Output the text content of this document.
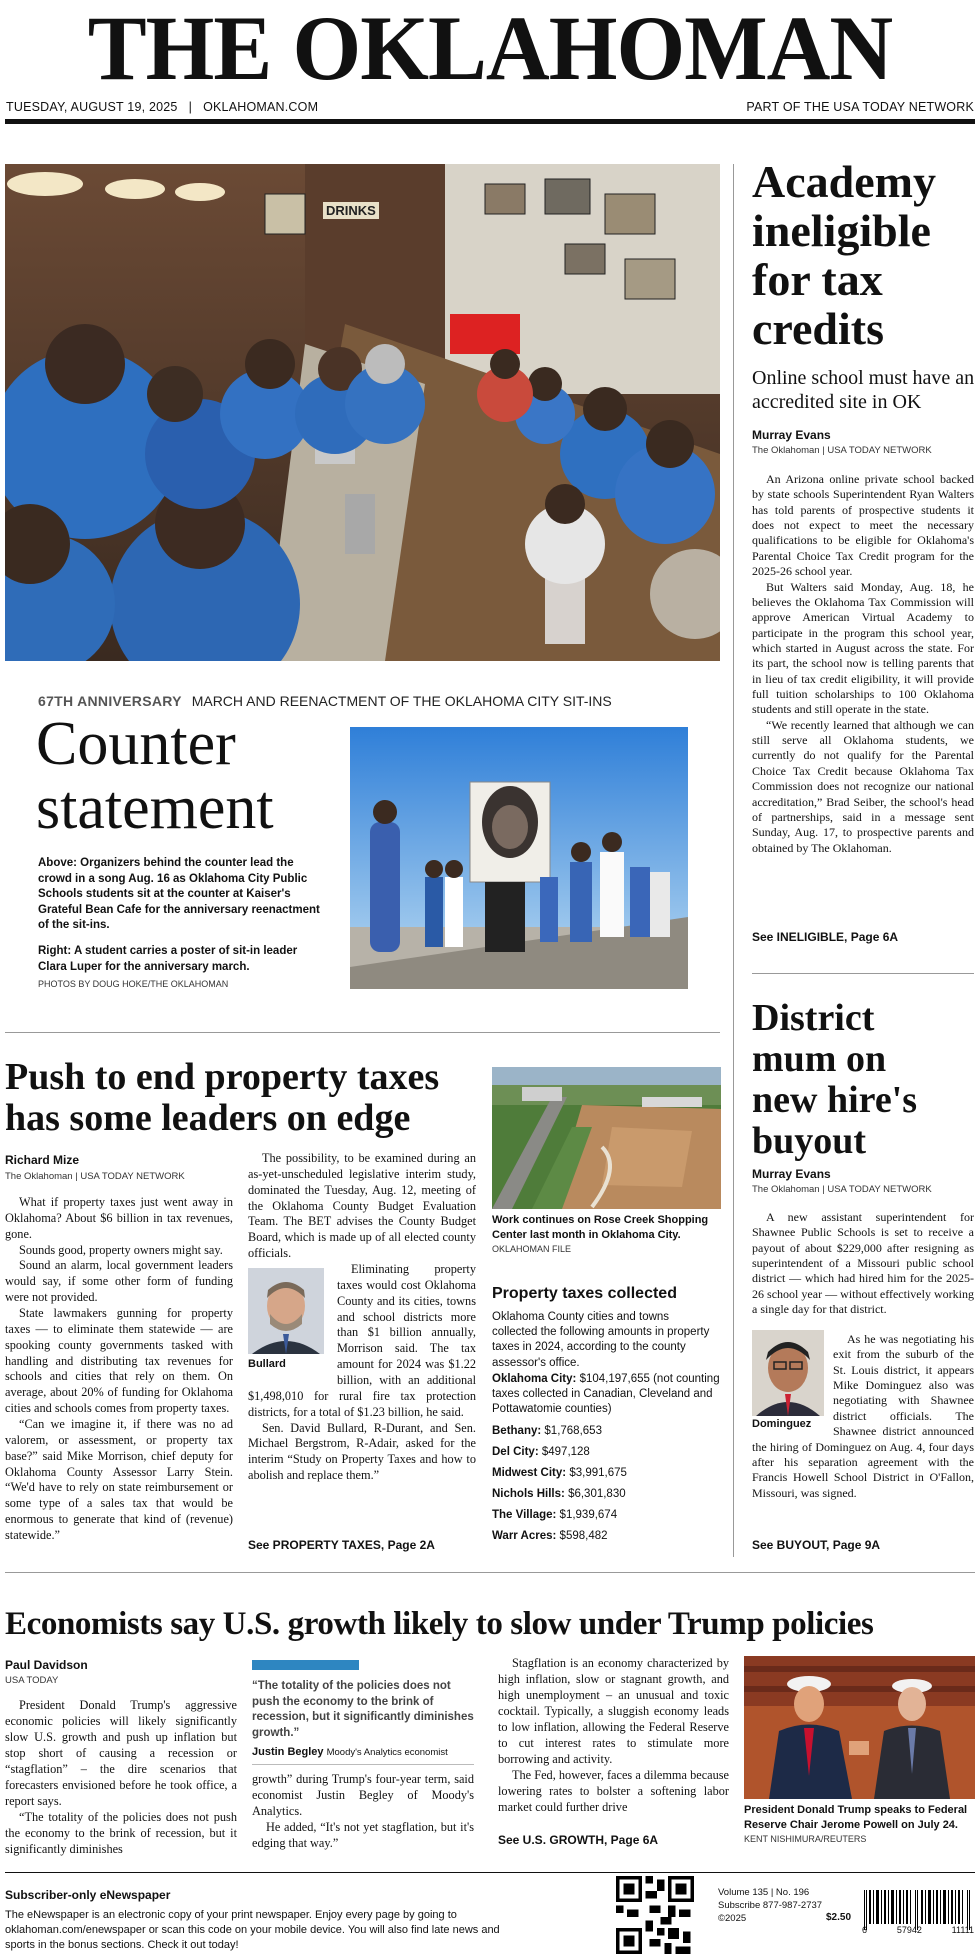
THE OKLAHOMAN
TUESDAY, AUGUST 19, 2025   |   OKLAHOMAN.COM	PART OF THE USA TODAY NETWORK
DRINKS
67TH ANNIVERSARY MARCH AND REENACTMENT OF THE OKLAHOMA CITY SIT-INS
Counter statement
Above: Organizers behind the counter lead the crowd in a song Aug. 16 as Oklahoma City Public Schools students sit at the counter at Kaiser's Grateful Bean Cafe for the anniversary reenactment of the sit-ins.
Right: A student carries a poster of sit-in leader Clara Luper for the anniversary march.
PHOTOS BY DOUG HOKE/THE OKLAHOMAN
Academy ineligible for tax credits
Online school must have an accredited site in OK
Murray Evans
The Oklahoman | USA TODAY NETWORK

An Arizona online private school backed by state schools Superintendent Ryan Walters has told parents of prospective students it does not expect to meet the necessary qualifications to be eligible for Oklahoma's Parental Choice Tax Credit program for the 2025-26 school year.

But Walters said Monday, Aug. 18, he believes the Oklahoma Tax Commission will approve American Virtual Academy to participate in the program this school year, which started in August across the state. For its part, the school now is telling parents that in lieu of tax credit eligibility, it will provide full tuition scholarships to 100 Oklahoma students and still operate in the state.

“We recently learned that although we can still serve all Oklahoma students, we currently do not qualify for the Parental Choice Tax Credit because Oklahoma Tax Commission does not recognize our national accreditation,” Brad Seiber, the school's head of partnerships, said in a message sent Sunday, Aug. 17, to prospective parents and obtained by The Oklahoman.

See INELIGIBLE, Page 6A
District mum on new hire's buyout
Murray Evans
The Oklahoman | USA TODAY NETWORK

A new assistant superintendent for Shawnee Public Schools is set to receive a payout of about $229,000 after resigning as superintendent of a Missouri public school district — which had hired him for the 2025-26 school year — without effectively working a single day for that district.

Dominguez

As he was negotiating his exit from the suburb of the St. Louis district, it appears Mike Dominguez also was negotiating with Shawnee district officials. The Shawnee district announced the hiring of Dominguez on Aug. 4, four days after his separation agreement with the Francis Howell School District in O'Fallon, Missouri, was signed.

See BUYOUT, Page 9A
Push to end property taxes has some leaders on edge
Richard Mize
The Oklahoman | USA TODAY NETWORK

What if property taxes just went away in Oklahoma? About $6 billion in tax revenues, gone.

Sounds good, property owners might say.

Sound an alarm, local government leaders would say, if some other form of funding were not provided.

State lawmakers gunning for property taxes — to eliminate them statewide — are spooking county governments tasked with handling and distributing tax revenues for schools and cities that rely on them. On average, about 20% of funding for Oklahoma cities and schools comes from property taxes.

“Can we imagine it, if there was no ad valorem, or assessment, or property tax base?” said Mike Morrison, chief deputy for Oklahoma County Assessor Larry Stein. “We'd have to rely on state reimbursement or some type of a sales tax that would be enormous to generate that kind of (revenue) statewide.”

The possibility, to be examined during an as-yet-unscheduled legislative interim study, dominated the Tuesday, Aug. 12, meeting of the Oklahoma County Budget Evaluation Team. The BET advises the County Budget Board, which is made up of all elected county officials.

Bullard

Eliminating property taxes would cost Oklahoma County and its cities, towns and school districts more than $1 billion annually, Morrison said. The tax amount for 2024 was $1.22 billion, with an additional $1,498,010 for rural fire tax protection districts, for a total of $1.23 billion, he said.

Sen. David Bullard, R-Durant, and Sen. Michael Bergstrom, R-Adair, asked for the interim “Study on Property Taxes and how to abolish and replace them.”

See PROPERTY TAXES, Page 2A
Work continues on Rose Creek Shopping Center last month in Oklahoma City. OKLAHOMAN FILE
Property taxes collected
Oklahoma County cities and towns collected the following amounts in property taxes in 2024, according to the county assessor's office.
Oklahoma City: $104,197,655 (not counting taxes collected in Canadian, Cleveland and Pottawatomie counties)
Bethany: $1,768,653
Del City: $497,128
Midwest City: $3,991,675
Nichols Hills: $6,301,830
The Village: $1,939,674
Warr Acres: $598,482
Economists say U.S. growth likely to slow under Trump policies
Paul Davidson
USA TODAY

President Donald Trump's aggressive economic policies will likely significantly slow U.S. growth and push up inflation but stop short of causing a recession or “stagflation” – the dire scenarios that forecasters envisioned before he took office, a report says.

“The totality of the policies does not push the economy to the brink of recession, but it significantly diminishes

“The totality of the policies does not push the economy to the brink of recession, but it significantly diminishes growth.”
Justin Begley Moody's Analytics economist

growth” during Trump's four-year term, said economist Justin Begley of Moody's Analytics.

He added, “It's not yet stagflation, but it's edging that way.”

Stagflation is an economy characterized by high inflation, slow or stagnant growth, and high unemployment – an unusual and toxic cocktail. Typically, a sluggish economy leads to low inflation, allowing the Federal Reserve to cut interest rates to stimulate more borrowing and activity.

The Fed, however, faces a dilemma because lowering rates to bolster a softening labor market could further drive

See U.S. GROWTH, Page 6A
President Donald Trump speaks to Federal Reserve Chair Jerome Powell on July 24. KENT NISHIMURA/REUTERS
Subscriber-only eNewspaper
The eNewspaper is an electronic copy of your print newspaper. Enjoy every page by going to oklahoman.com/enewspaper or scan this code on your mobile device. You will also find late news and sports in the bonus sections. Check it out today!
Volume 135 | No. 196
Subscribe 877-987-2737
©2025	$2.50
6	57942	11111
